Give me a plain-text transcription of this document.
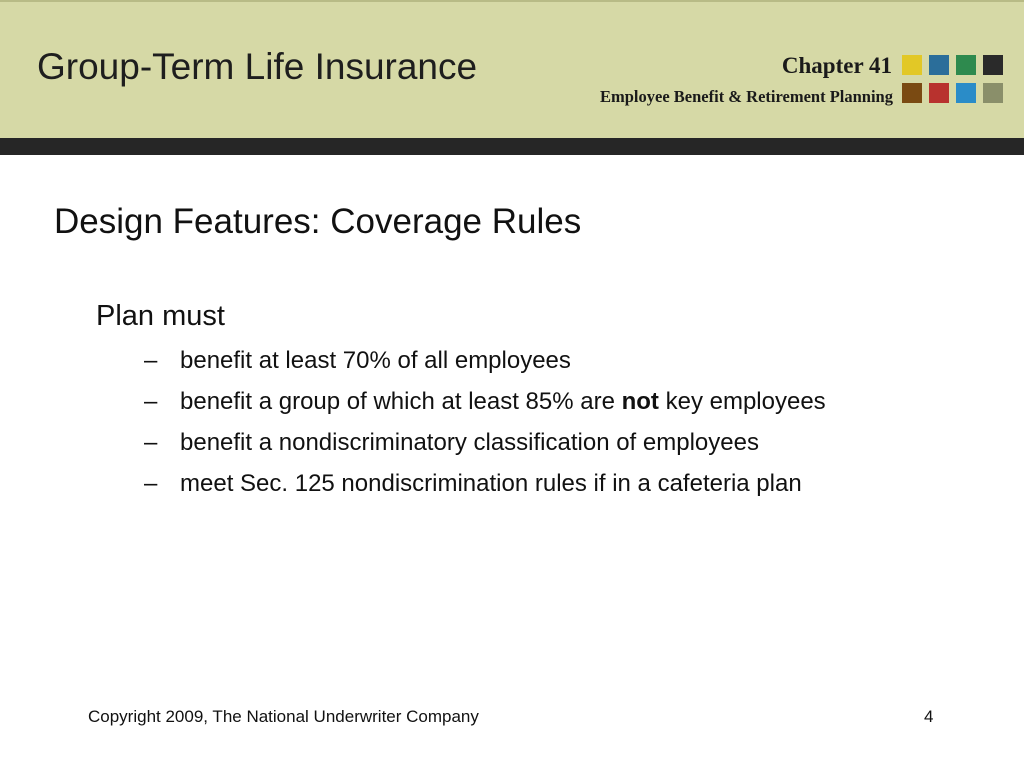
Group-Term Life Insurance	Chapter 41

Employee Benefit & Retirement Planning

Design Features: Coverage Rules

Plan must

– benefit at least 70% of all employees
– benefit a group of which at least 85% are not key employees
– benefit a nondiscriminatory classification of employees
– meet Sec. 125 nondiscrimination rules if in a cafeteria plan

Copyright 2009, The National Underwriter Company	4
